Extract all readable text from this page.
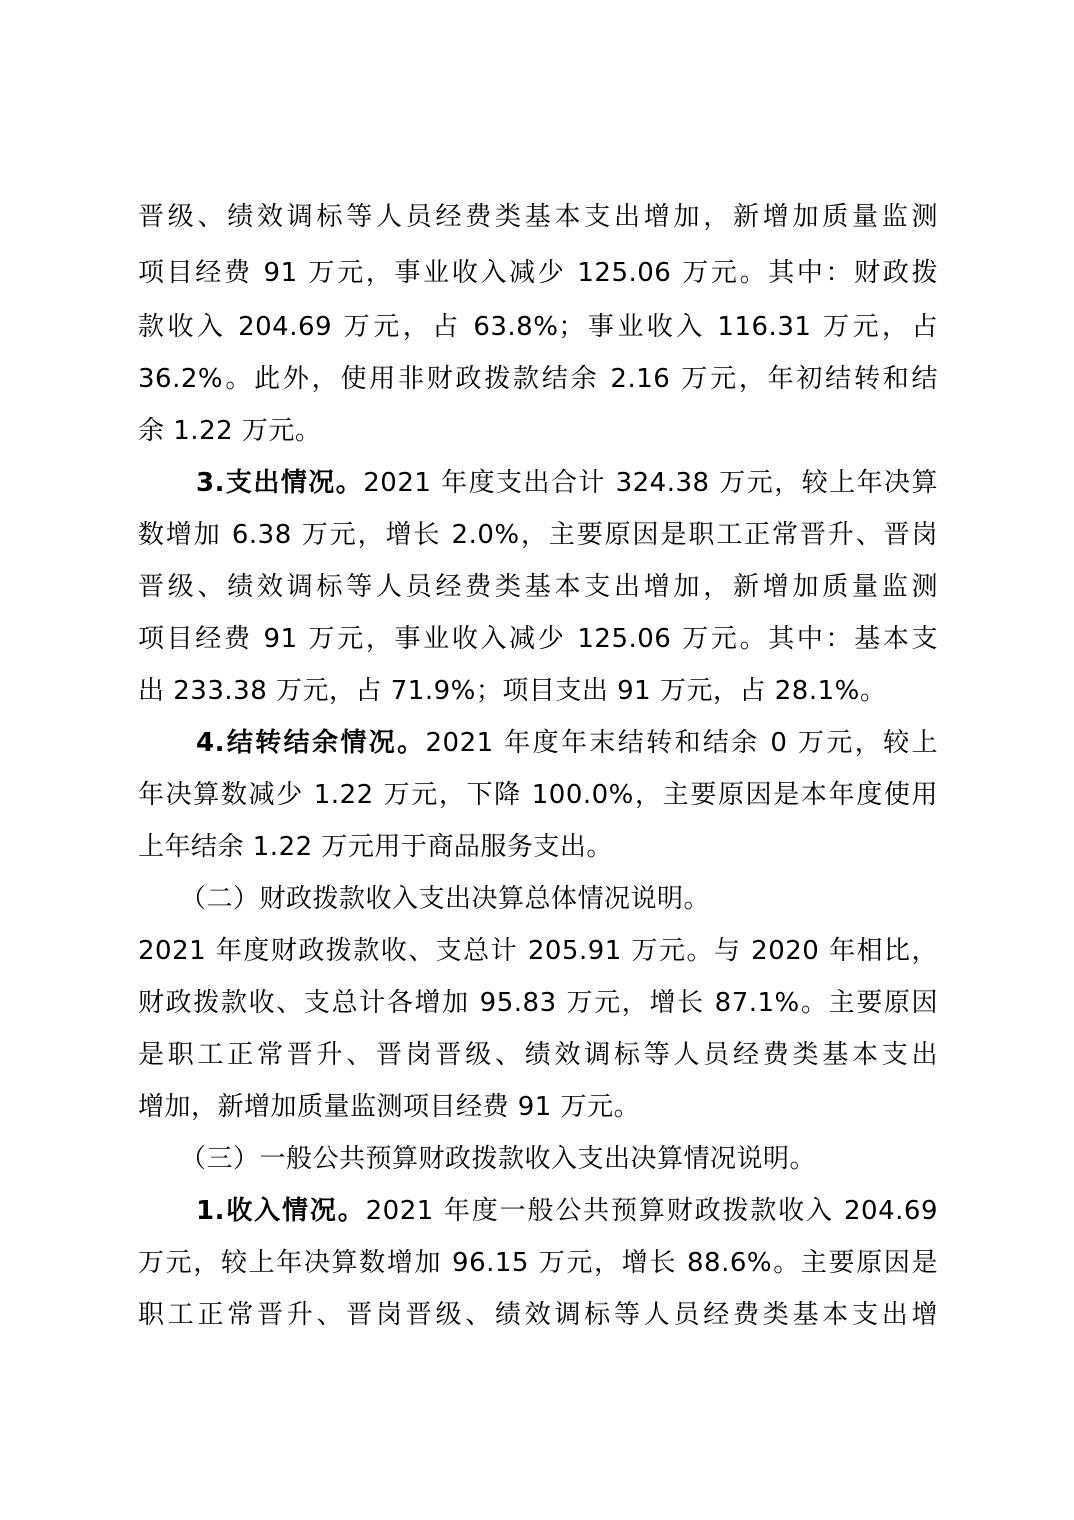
晋级、绩效调标等人员经费类基本支出增加，新增加质量监测
项目经费 91 万元，事业收入减少 125.06 万元。其中：财政拨
款收入 204.69 万元，占 63.8%；事业收入 116.31 万元，占
36.2%。此外，使用非财政拨款结余 2.16 万元，年初结转和结
余 1.22 万元。
3.支出情况。2021 年度支出合计 324.38 万元，较上年决算
数增加 6.38 万元，增长 2.0%，主要原因是职工正常晋升、晋岗
晋级、绩效调标等人员经费类基本支出增加，新增加质量监测
项目经费 91 万元，事业收入减少 125.06 万元。其中：基本支
出 233.38 万元，占 71.9%；项目支出 91 万元，占 28.1%。
4.结转结余情况。2021 年度年末结转和结余 0 万元，较上
年决算数减少 1.22 万元，下降 100.0%，主要原因是本年度使用
上年结余 1.22 万元用于商品服务支出。
（二）财政拨款收入支出决算总体情况说明。
2021 年度财政拨款收、支总计 205.91 万元。与 2020 年相比，
财政拨款收、支总计各增加 95.83 万元，增长 87.1%。主要原因
是职工正常晋升、晋岗晋级、绩效调标等人员经费类基本支出
增加，新增加质量监测项目经费 91 万元。
（三）一般公共预算财政拨款收入支出决算情况说明。
1.收入情况。2021 年度一般公共预算财政拨款收入 204.69
万元，较上年决算数增加 96.15 万元，增长 88.6%。主要原因是
职工正常晋升、晋岗晋级、绩效调标等人员经费类基本支出增
